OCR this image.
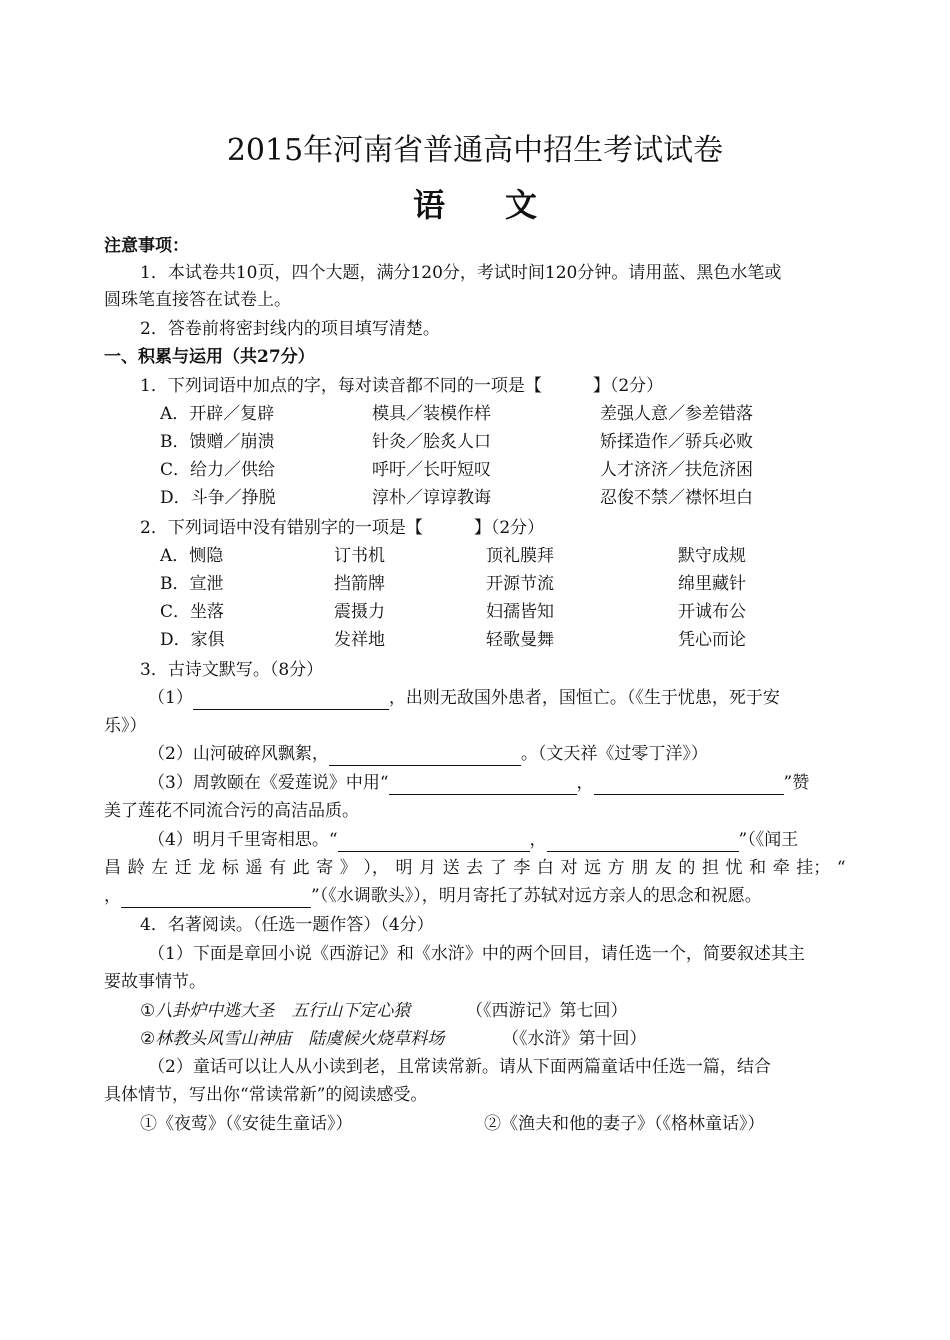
2015年河南省普通高中招生考试试卷
语文
注意事项：
1．本试卷共10页，四个大题，满分120分，考试时间120分钟。请用蓝、黑色水笔或
圆珠笔直接答在试卷上。
2．答卷前将密封线内的项目填写清楚。
一、积累与运用（共27分）
1．下列词语中加点的字，每对读音都不同的一项是【　　　】（2分）
A．开辟／复辟	模具／装模作样	差强人意／参差错落
B．馈赠／崩溃	针灸／脍炙人口	矫揉造作／骄兵必败
C．给力／供给	呼吁／长吁短叹	人才济济／扶危济困
D．斗争／挣脱	淳朴／谆谆教诲	忍俊不禁／襟怀坦白
2．下列词语中没有错别字的一项是【　　　】（2分）
A．恻隐	订书机	顶礼膜拜	默守成规
B．宣泄	挡箭牌	开源节流	绵里藏针
C．坐落	震摄力	妇孺皆知	开诚布公
D．家俱	发祥地	轻歌曼舞	凭心而论
3．古诗文默写。（8分）
（1）	，出则无敌国外患者，国恒亡。（《生于忧患，死于安
乐》）
（2）山河破碎风飘絮，	。（文天祥《过零丁洋》）
（3）周敦颐在《爱莲说》中用“	，	”赞
美了莲花不同流合污的高洁品质。
（4）明月千里寄相思。“	，	”（《闻王
昌 龄 左 迁 龙 标 遥 有 此 寄 》 ）， 明 月 送 去 了 李 白 对 远 方 朋 友 的 担 忧 和 牵 挂； “
，	”（《水调歌头》），明月寄托了苏轼对远方亲人的思念和祝愿。
4．名著阅读。（任选一题作答）（4分）
（1）下面是章回小说《西游记》和《水浒》中的两个回目，请任选一个，简要叙述其主
要故事情节。
①八卦炉中逃大圣　五行山下定心猿	（《西游记》第七回）
②林教头风雪山神庙　陆虞候火烧草料场	（《水浒》第十回）
（2）童话可以让人从小读到老，且常读常新。请从下面两篇童话中任选一篇，结合
具体情节，写出你“常读常新”的阅读感受。
①《夜莺》（《安徒生童话》）	②《渔夫和他的妻子》（《格林童话》）
